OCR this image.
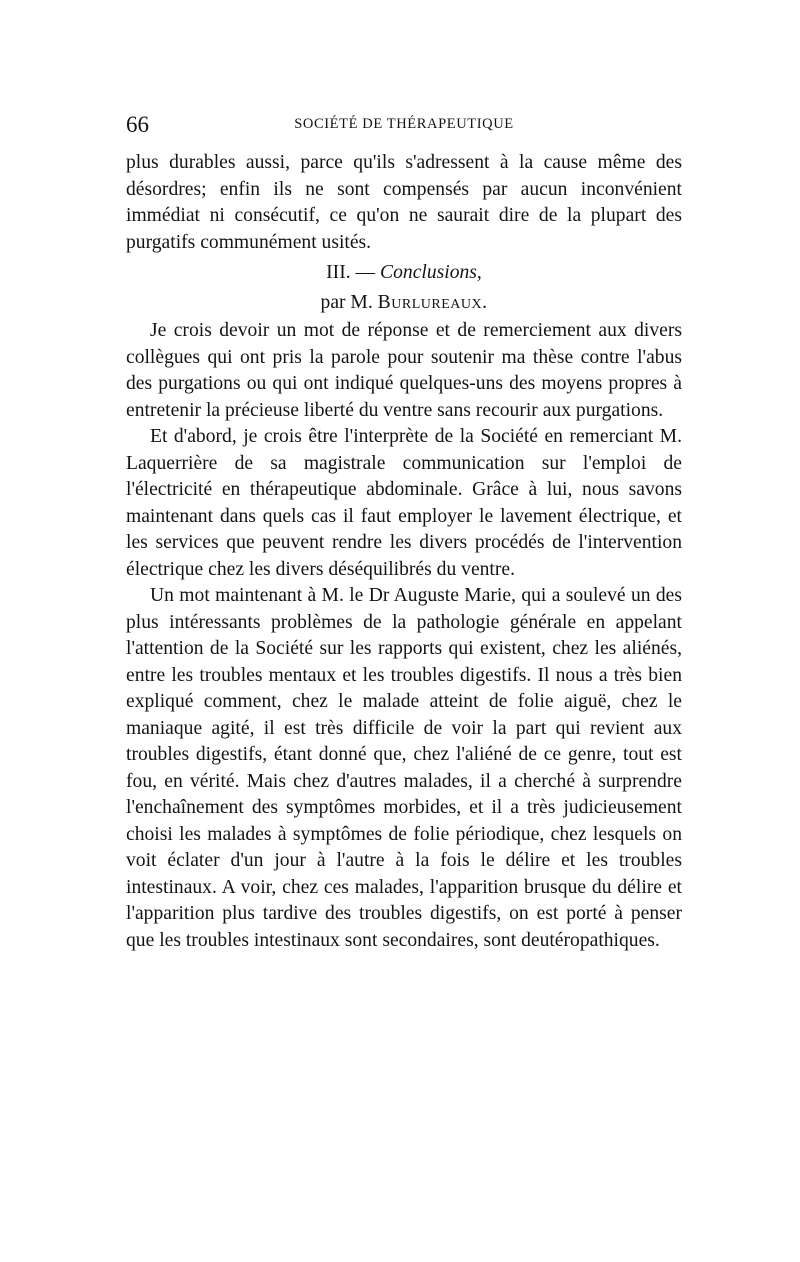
66	SOCIÉTÉ DE THÉRAPEUTIQUE

plus durables aussi, parce qu'ils s'adressent à la cause même des désordres; enfin ils ne sont compensés par aucun inconvénient immédiat ni consécutif, ce qu'on ne saurait dire de la plupart des purgatifs communément usités.

III. — Conclusions,
par M. Burlureaux.

Je crois devoir un mot de réponse et de remerciement aux divers collègues qui ont pris la parole pour soutenir ma thèse contre l'abus des purgations ou qui ont indiqué quelques-uns des moyens propres à entretenir la précieuse liberté du ventre sans recourir aux purgations.

Et d'abord, je crois être l'interprète de la Société en remerciant M. Laquerrière de sa magistrale communication sur l'emploi de l'électricité en thérapeutique abdominale. Grâce à lui, nous savons maintenant dans quels cas il faut employer le lavement électrique, et les services que peuvent rendre les divers procédés de l'intervention électrique chez les divers déséquilibrés du ventre.

Un mot maintenant à M. le Dr Auguste Marie, qui a soulevé un des plus intéressants problèmes de la pathologie générale en appelant l'attention de la Société sur les rapports qui existent, chez les aliénés, entre les troubles mentaux et les troubles digestifs. Il nous a très bien expliqué comment, chez le malade atteint de folie aiguë, chez le maniaque agité, il est très difficile de voir la part qui revient aux troubles digestifs, étant donné que, chez l'aliéné de ce genre, tout est fou, en vérité. Mais chez d'autres malades, il a cherché à surprendre l'enchaînement des symptômes morbides, et il a très judicieusement choisi les malades à symptômes de folie périodique, chez lesquels on voit éclater d'un jour à l'autre à la fois le délire et les troubles intestinaux. A voir, chez ces malades, l'apparition brusque du délire et l'apparition plus tardive des troubles digestifs, on est porté à penser que les troubles intestinaux sont secondaires, sont deutéropathiques.
